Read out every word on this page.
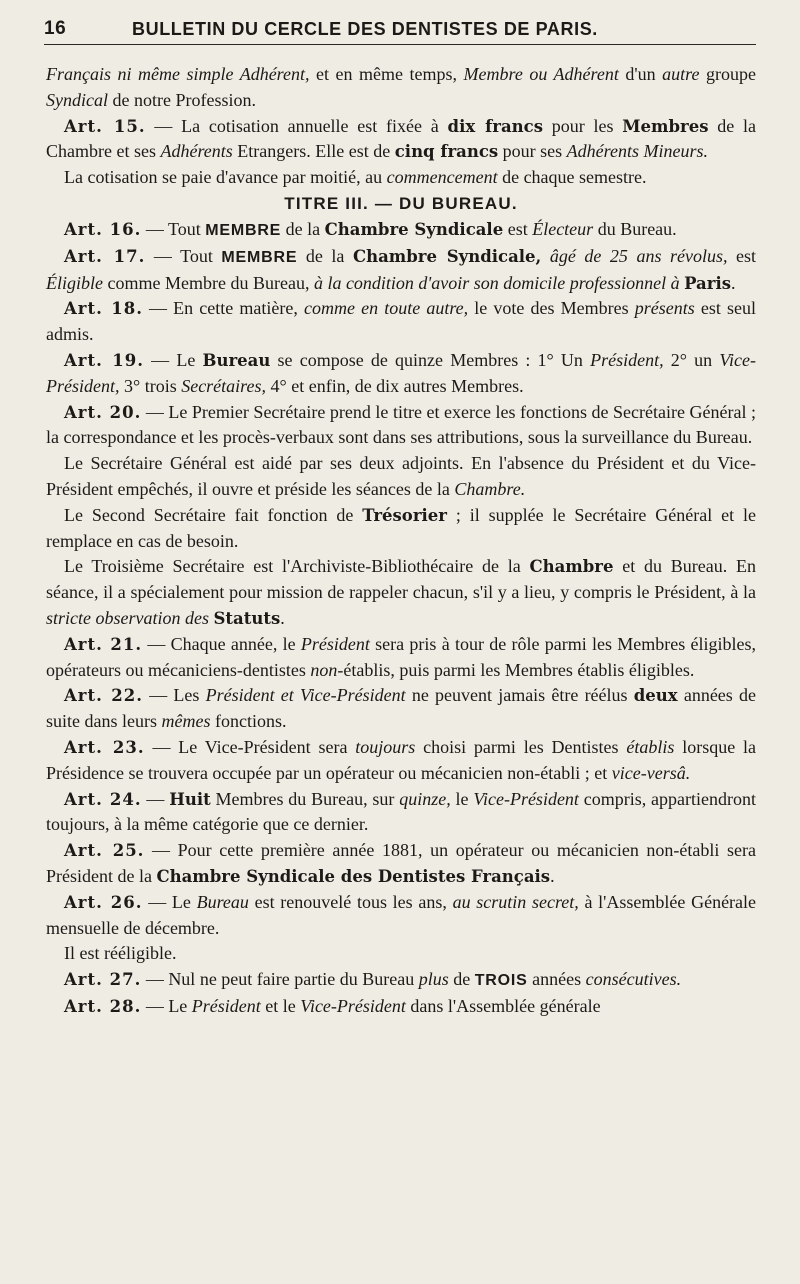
16	BULLETIN DU CERCLE DES DENTISTES DE PARIS.

Français ni même simple Adhérent, et en même temps, Membre ou Adhérent d'un autre groupe Syndical de notre Profession.

Art. 15. — La cotisation annuelle est fixée à dix francs pour les Membres de la Chambre et ses Adhérents Etrangers. Elle est de cinq francs pour ses Adhérents Mineurs.

La cotisation se paie d'avance par moitié, au commencement de chaque semestre.

TITRE III. — DU BUREAU.

Art. 16. — Tout MEMBRE de la Chambre Syndicale est Électeur du Bureau.

Art. 17. — Tout MEMBRE de la Chambre Syndicale, âgé de 25 ans révolus, est Éligible comme Membre du Bureau, à la condition d'avoir son domicile professionnel à Paris.

Art. 18. — En cette matière, comme en toute autre, le vote des Membres présents est seul admis.

Art. 19. — Le Bureau se compose de quinze Membres : 1° Un Président, 2° un Vice-Président, 3° trois Secrétaires, 4° et enfin, de dix autres Membres.

Art. 20. — Le Premier Secrétaire prend le titre et exerce les fonctions de Secrétaire Général ; la correspondance et les procès-verbaux sont dans ses attributions, sous la surveillance du Bureau.

Le Secrétaire Général est aidé par ses deux adjoints. En l'absence du Président et du Vice-Président empêchés, il ouvre et préside les séances de la Chambre.

Le Second Secrétaire fait fonction de Trésorier ; il supplée le Secrétaire Général et le remplace en cas de besoin.

Le Troisième Secrétaire est l'Archiviste-Bibliothécaire de la Chambre et du Bureau. En séance, il a spécialement pour mission de rappeler chacun, s'il y a lieu, y compris le Président, à la stricte observation des Statuts.

Art. 21. — Chaque année, le Président sera pris à tour de rôle parmi les Membres éligibles, opérateurs ou mécaniciens-dentistes non-établis, puis parmi les Membres établis éligibles.

Art. 22. — Les Président et Vice-Président ne peuvent jamais être réélus deux années de suite dans leurs mêmes fonctions.

Art. 23. — Le Vice-Président sera toujours choisi parmi les Dentistes établis lorsque la Présidence se trouvera occupée par un opérateur ou mécanicien non-établi ; et vice-versâ.

Art. 24. — Huit Membres du Bureau, sur quinze, le Vice-Président compris, appartiendront toujours, à la même catégorie que ce dernier.

Art. 25. — Pour cette première année 1881, un opérateur ou mécanicien non-établi sera Président de la Chambre Syndicale des Dentistes Français.

Art. 26. — Le Bureau est renouvelé tous les ans, au scrutin secret, à l'Assemblée Générale mensuelle de décembre.

Il est rééligible.

Art. 27. — Nul ne peut faire partie du Bureau plus de TROIS années consécutives.

Art. 28. — Le Président et le Vice-Président dans l'Assemblée générale
